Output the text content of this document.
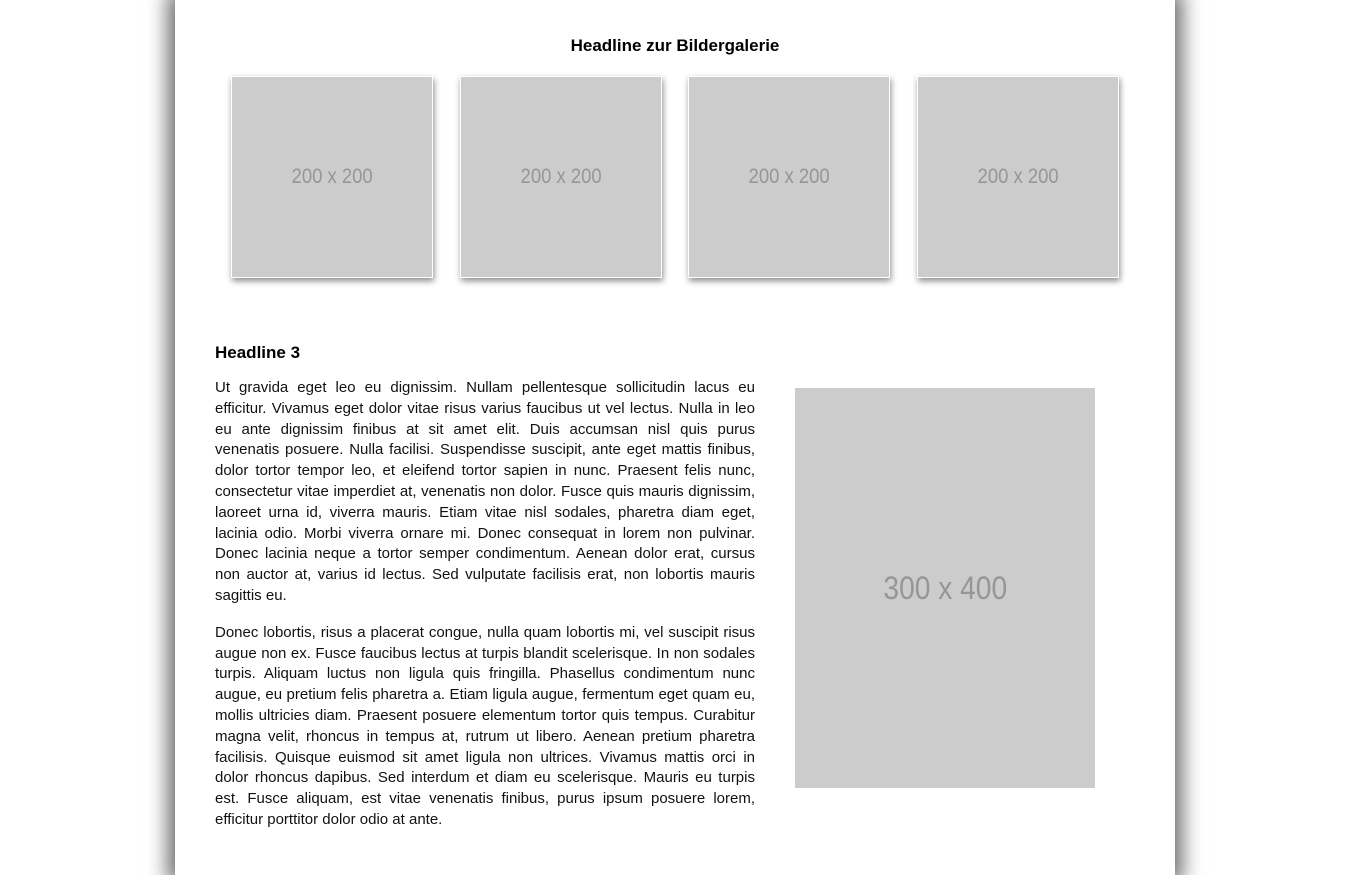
Headline zur Bildergalerie
200 x 200	200 x 200	200 x 200	200 x 200
Headline 3

Ut gravida eget leo eu dignissim. Nullam pellentesque sollicitudin lacus eu efficitur. Vivamus eget dolor vitae risus varius faucibus ut vel lectus. Nulla in leo eu ante dignissim finibus at sit amet elit. Duis accumsan nisl quis purus venenatis posuere. Nulla facilisi. Suspendisse suscipit, ante eget mattis finibus, dolor tortor tempor leo, et eleifend tortor sapien in nunc. Praesent felis nunc, consectetur vitae imperdiet at, venenatis non dolor. Fusce quis mauris dignissim, laoreet urna id, viverra mauris. Etiam vitae nisl sodales, pharetra diam eget, lacinia odio. Morbi viverra ornare mi. Donec consequat in lorem non pulvinar. Donec lacinia neque a tortor semper condimentum. Aenean dolor erat, cursus non auctor at, varius id lectus. Sed vulputate facilisis erat, non lobortis mauris sagittis eu.

Donec lobortis, risus a placerat congue, nulla quam lobortis mi, vel suscipit risus augue non ex. Fusce faucibus lectus at turpis blandit scelerisque. In non sodales turpis. Aliquam luctus non ligula quis fringilla. Phasellus condimentum nunc augue, eu pretium felis pharetra a. Etiam ligula augue, fermentum eget quam eu, mollis ultricies diam. Praesent posuere elementum tortor quis tempus. Curabitur magna velit, rhoncus in tempus at, rutrum ut libero. Aenean pretium pharetra facilisis. Quisque euismod sit amet ligula non ultrices. Vivamus mattis orci in dolor rhoncus dapibus. Sed interdum et diam eu scelerisque. Mauris eu turpis est. Fusce aliquam, est vitae venenatis finibus, purus ipsum posuere lorem, efficitur porttitor dolor odio at ante.

300 x 400
